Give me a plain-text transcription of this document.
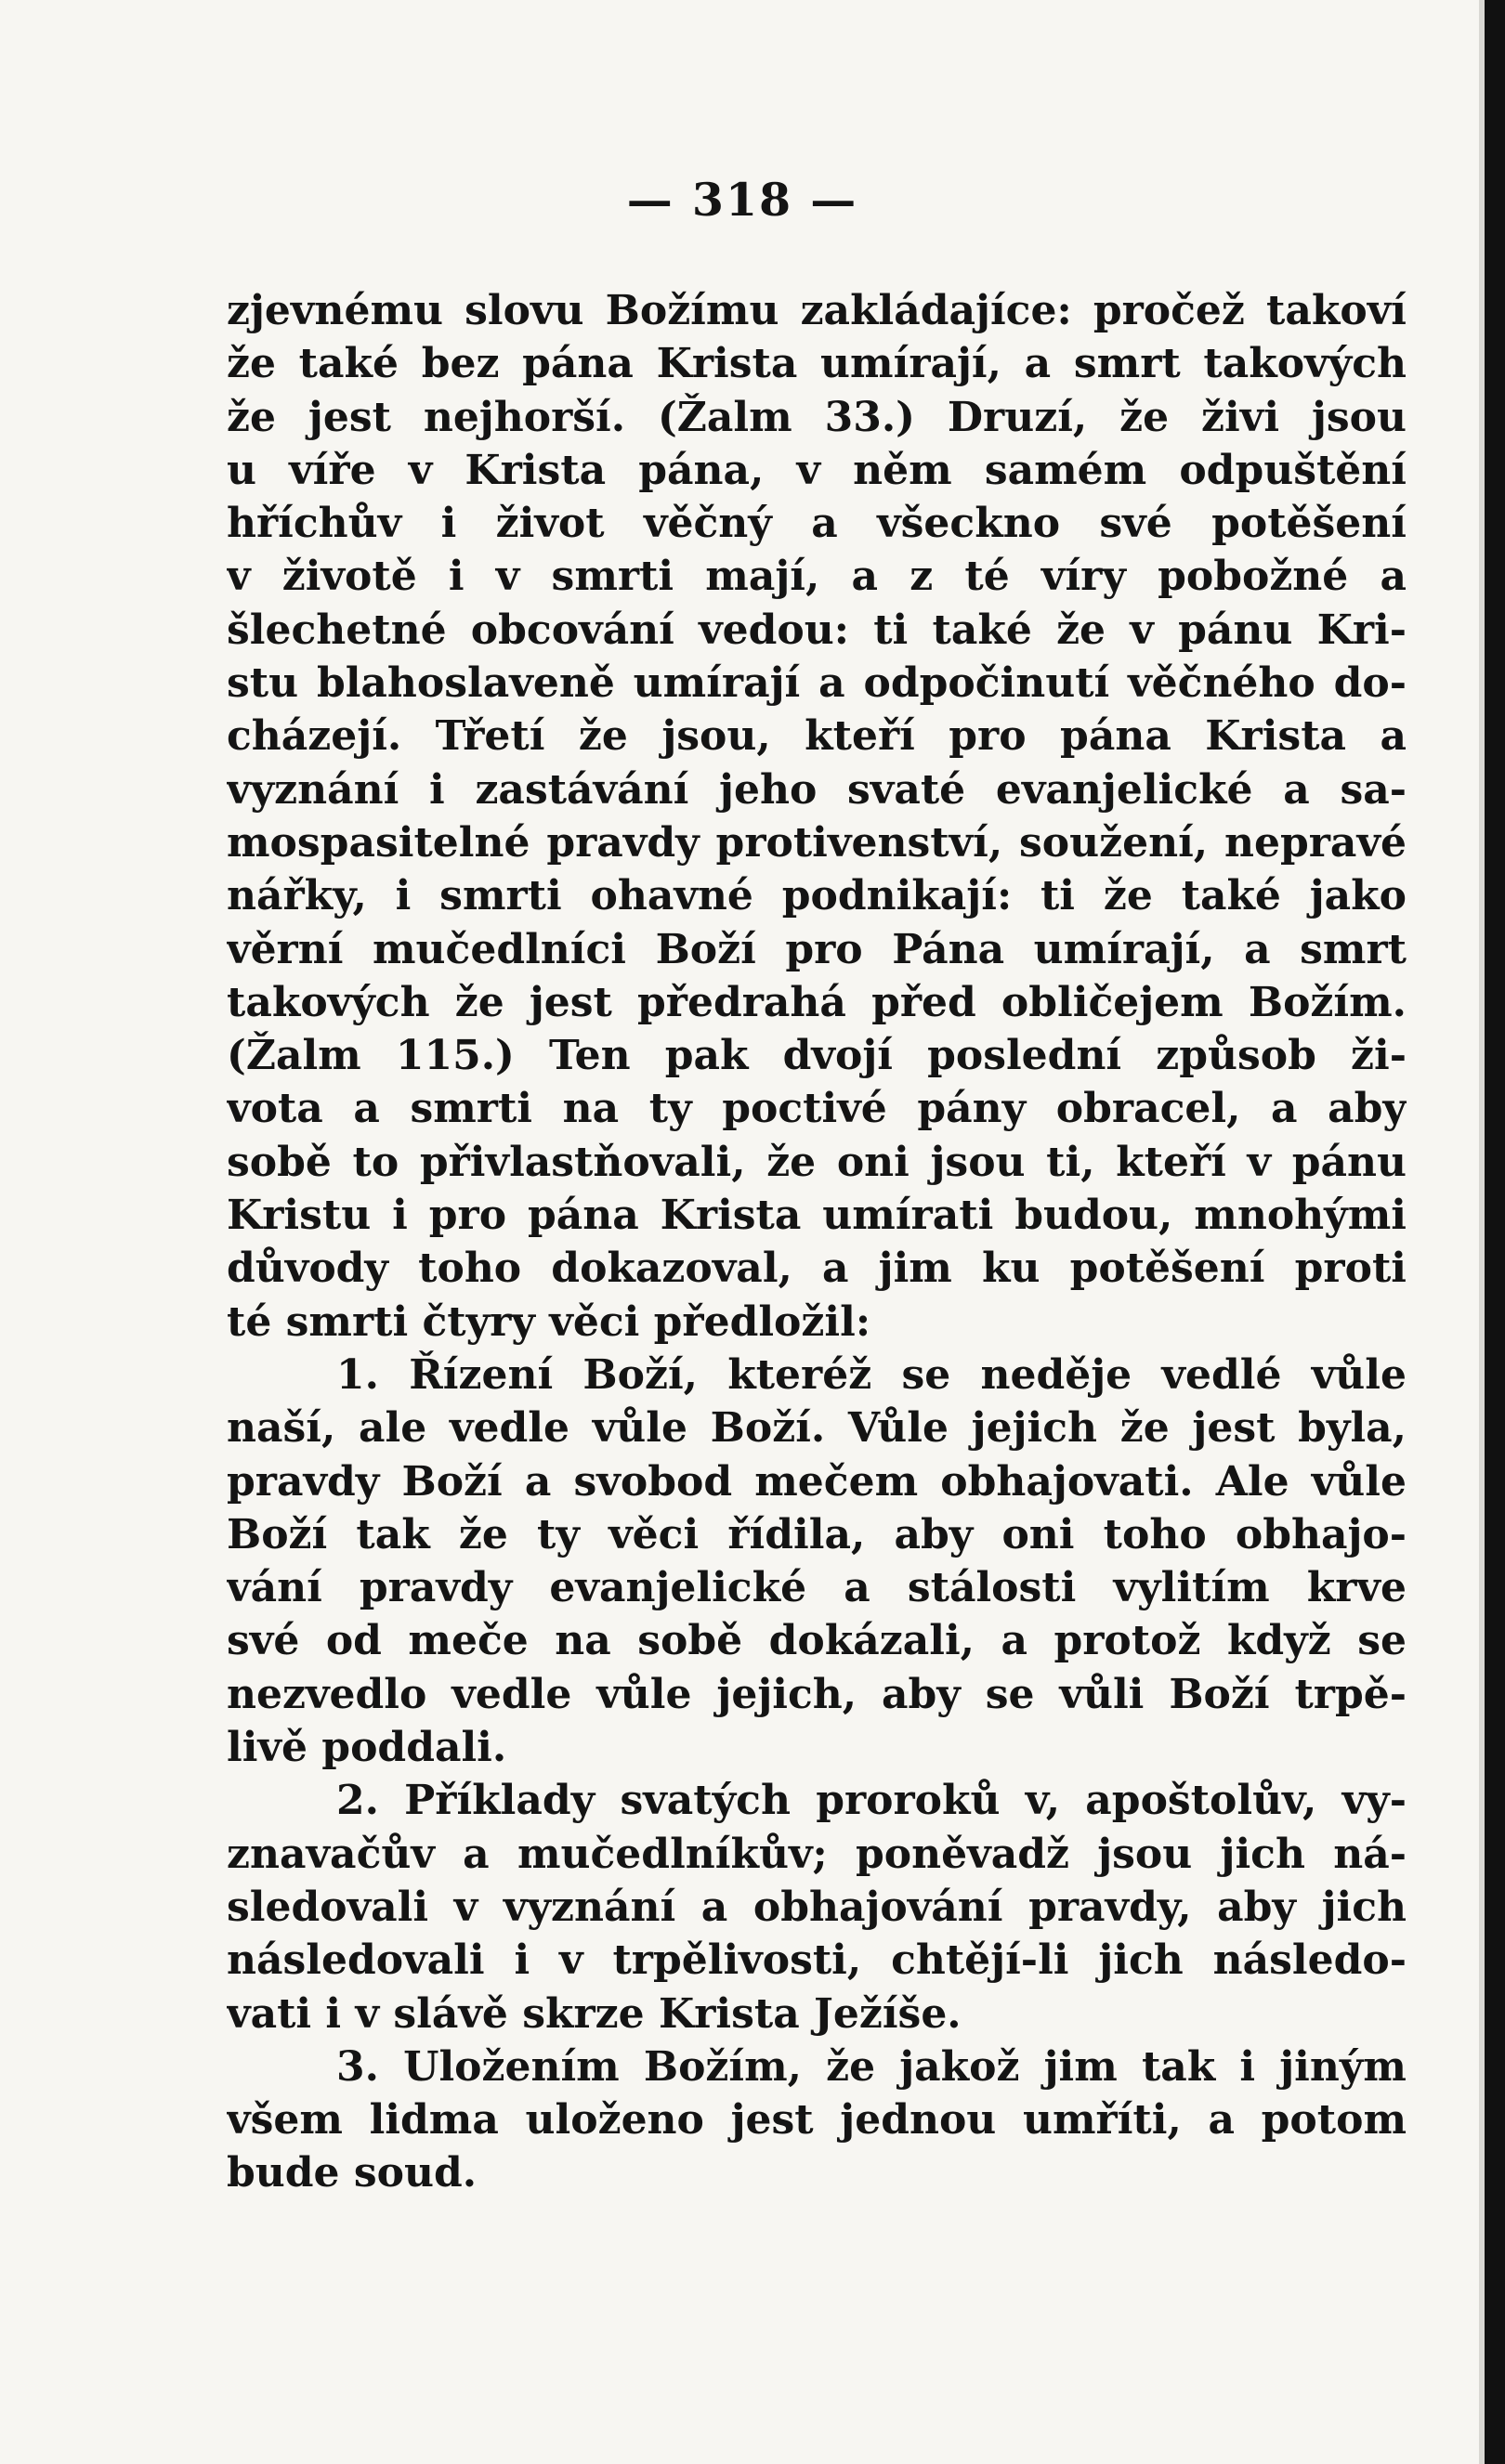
— 318 —
zjevnému slovu Božímu zakládajíce: pročež takoví
že také bez pána Krista umírají, a smrt takových
že jest nejhorší. (Žalm 33.) Druzí, že živi jsou
u víře v Krista pána, v něm samém odpuštění
hříchův i život věčný a všeckno své potěšení
v životě i v smrti mají, a z té víry pobožné a
šlechetné obcování vedou: ti také že v pánu Kri-
stu blahoslaveně umírají a odpočinutí věčného do-
cházejí. Třetí že jsou, kteří pro pána Krista a
vyznání i zastávání jeho svaté evanjelické a sa-
mospasitelné pravdy protivenství, soužení, nepravé
nářky, i smrti ohavné podnikají: ti že také jako
věrní mučedlníci Boží pro Pána umírají, a smrt
takových že jest předrahá před obličejem Božím.
(Žalm 115.) Ten pak dvojí poslední způsob ži-
vota a smrti na ty poctivé pány obracel, a aby
sobě to přivlastňovali, že oni jsou ti, kteří v pánu
Kristu i pro pána Krista umírati budou, mnohými
důvody toho dokazoval, a jim ku potěšení proti
té smrti čtyry věci předložil:
1. Řízení Boží, kteréž se neděje vedlé vůle
naší, ale vedle vůle Boží. Vůle jejich že jest byla,
pravdy Boží a svobod mečem obhajovati. Ale vůle
Boží tak že ty věci řídila, aby oni toho obhajo-
vání pravdy evanjelické a stálosti vylitím krve
své od meče na sobě dokázali, a protož když se
nezvedlo vedle vůle jejich, aby se vůli Boží trpě-
livě poddali.
2. Příklady svatých proroků v, apoštolův, vy-
znavačův a mučedlníkův; poněvadž jsou jich ná-
sledovali v vyznání a obhajování pravdy, aby jich
následovali i v trpělivosti, chtějí-li jich následo-
vati i v slávě skrze Krista Ježíše.
3. Uložením Božím, že jakož jim tak i jiným
všem lidma uloženo jest jednou umříti, a potom
bude soud.
